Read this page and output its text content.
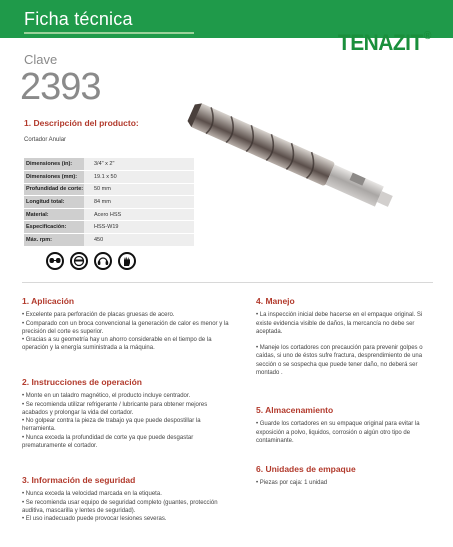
Ficha técnica
TENAZIT®
Clave
2393
1. Descripción del producto:
Cortador Anular
Dimensiones (in):	3/4" x 2"
Dimensiones (mm):	19.1 x 50
Profundidad de corte:	50 mm
Longitud total:	84 mm
Material:	Acero HSS
Especificación:	HSS-W19
Máx. rpm:	450
1. Aplicación

• Excelente para perforación de placas gruesas de acero.

• Comparado con un broca convencional la generación de calor es menor y la precisión del corte es superior.

• Gracias a su geometría hay un ahorro considerable en el tiempo de la operación y la energía suministrada a la máquina.

2. Instrucciones de operación

• Monte en un taladro magnético, el producto incluye centrador.

• Se recomienda utilizar refrigerante / lubricante para obtener mejores acabados y prolongar la vida del cortador.

• No golpear contra la pieza de trabajo ya que puede despostillar la herramienta.

• Nunca exceda la profundidad de corte ya que puede desgastar prematuramente el cortador.

3. Información de seguridad

• Nunca exceda la velocidad marcada en la etiqueta.

• Se recomienda usar equipo de seguridad completo (guantes, protección auditiva, mascarilla y lentes de seguridad).

• El uso inadecuado puede provocar lesiones severas.

4. Manejo

• La inspección inicial debe hacerse en el empaque original. Si existe evidencia visible de daños, la mercancía no debe ser aceptada.

• Maneje los cortadores con precaución para prevenir golpes o caídas, si uno de éstos sufre fractura, desprendimiento de una sección o se sospecha que puede tener daño, no deberá ser montado .

5. Almacenamiento

• Guarde los cortadores en su empaque original para evitar la exposición a polvo, liquidos, corrosión o algún otro tipo de contaminante.

6. Unidades de empaque

• Piezas por caja: 1 unidad
